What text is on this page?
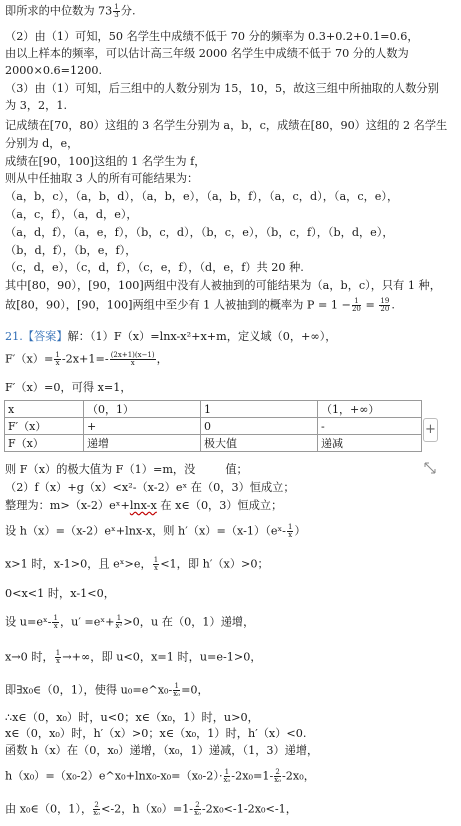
即所求的中位数为 $73 \frac{1}{3}$ 分.
（2）由（1）可知，50 名学生中成绩不低于 70 分的频率为 0.3+0.2+0.1=0.6，
由以上样本的频率，可以估计高三年级 2000 名学生中成绩不低于 70 分的人数为
2000×0.6=1200.
（3）由（1）可知，后三组中的人数分别为 15，10，5，故这三组中所抽取的人数分别
为 3，2，1.
记成绩在[70，80）这组的 3 名学生分别为 a，b，c，成绩在[80，90）这组的 2 名学生
分别为 d，e，
成绩在[90，100]这组的 1 名学生为 f，
则从中任抽取 3 人的所有可能结果为：
（a，b，c），（a，b，d），（a，b，e），（a，b，f），（a，c，d），（a，c，e），
（a，c，f），（a，d，e），
（a，d，f），（a，e，f），（b，c，d），（b，c，e），（b，c，f），（b，d，e），
（b，d，f），（b，e，f），
（c，d，e），（c，d，f），（c，e，f），（d，e，f）共 20 种.
其中[80，90），[90，100]两组中没有人被抽到的可能结果为（a，b，c），只有 1 种，
故[80，90），[90，100]两组中至少有 1 人被抽到的概率为 $P = 1 - \frac{1}{20} = \frac{19}{20}$ .
21.【答案】解：（1）F（x）=lnx-x²+x+m，定义域（0，+∞），
$F'(x)= \frac{1}{x} -2x+1=- \frac{(2x+1)(x-1)}{x}$ ，
F′（x）=0，可得 x=1，
x	（0，1）	1	（1，+∞）
F′（x）	+	0	-
F（x）	递增	极大值	递减
+
则 F（x）的极大值为 F（1）=m，没	值；
（2）f（x）+g（x）<x²-（x-2）eˣ 在（0，3）恒成立；
整理为：m>（x-2）eˣ+lnx-x 在 x∈（0，3）恒成立；
设 h（x）=（x-2）eˣ+lnx-x，则 h′（x）=（x-1）（eˣ- $\frac{1}{x}$ ）
x>1 时，x-1>0，且 eˣ>e， $\frac{1}{x} <1$，即 h′（x）>0；
0<x<1 时，x-1<0，
设 u=eˣ- $\frac{1}{x}$ ，u′ =eˣ+ $\frac{1}{\text{x²}} >0$，u 在（0，1）递增，
x→0 时， $\frac{1}{x}$ →+∞，即 u<0，x=1 时，u=e-1>0，
即∃x₀∈（0，1），使得 u₀=e^x₀- $\frac{1}{\text{x₀}} =0$，
∴x∈（0，x₀）时，u<0；x∈（x₀，1）时，u>0，
x∈（0，x₀）时，h′（x）>0；x∈（x₀，1）时，h′（x）<0.
函数 h（x）在（0，x₀）递增，（x₀，1）递减，（1，3）递增，
h（x₀）=（x₀-2）e^x₀+lnx₀-x₀=（x₀-2）· $\frac{1}{\text{x₀}} -2x_0=1- \frac{2}{\text{x₀}} -2x_0$，
由 x₀∈（0，1）， $\frac{2}{\text{x₀}} <-2$，$h(x_0)=1- \frac{2}{\text{x₀}} -2x_0<-1-2x_0<-1$，
